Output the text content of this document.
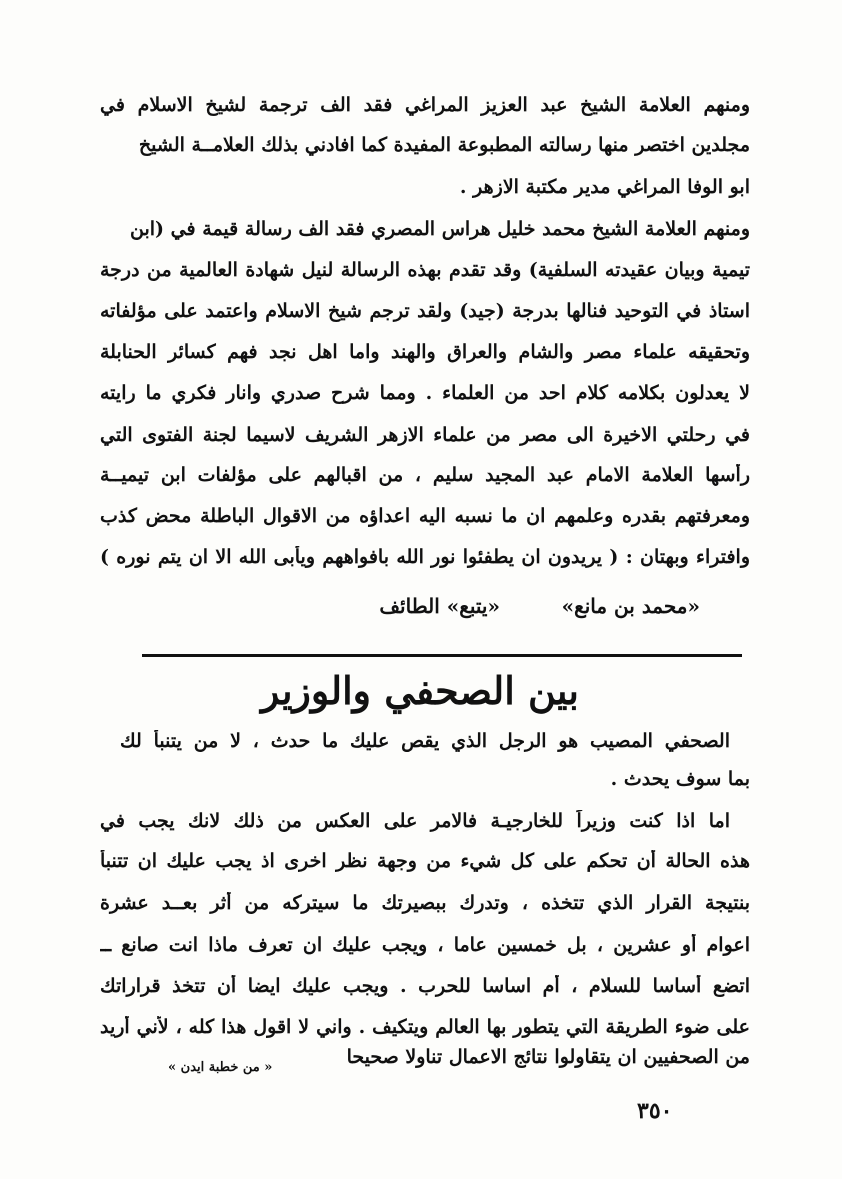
ومنهم العلامة الشيخ عبد العزيز المراغي فقد الف ترجمة لشيخ الاسلام في
مجلدين اختصر منها رسالته المطبوعة المفيدة كما افادني بذلك العلامــة الشيخ
ابو الوفا المراغي مدير مكتبة الازهر .
ومنهم العلامة الشيخ محمد خليل هراس المصري فقد الف رسالة قيمة في (ابن
تيمية وبيان عقيدته السلفية) وقد تقدم بهذه الرسالة لنيل شهادة العالمية من درجة
استاذ في التوحيد فنالها بدرجة (جيد) ولقد ترجم شيخ الاسلام واعتمد على مؤلفاته
وتحقيقه علماء مصر والشام والعراق والهند واما اهل نجد فهم كسائر الحنابلة
لا يعدلون بكلامه كلام احد من العلماء . ومما شرح صدري وانار فكري ما رايته
في رحلتي الاخيرة الى مصر من علماء الازهر الشريف لاسيما لجنة الفتوى التي
رأسها العلامة الامام عبد المجيد سليم ، من اقبالهم على مؤلفات ابن تيميــة
ومعرفتهم بقدره وعلمهم ان ما نسبه اليه اعداؤه من الاقوال الباطلة محض كذب
وافتراء وبهتان : ( يريدون ان يطفئوا نور الله بافواههم ويأبى الله الا ان يتم نوره )
«محمد بن مانع»
«يتبع» الطائف
بين الصحفي والوزير
الصحفي المصيب هو الرجل الذي يقص عليك ما حدث ، لا من يتنبأ لك
بما سوف يحدث .
اما اذا كنت وزيراً للخارجيـة فالامر على العكس من ذلك لانك يجب في
هذه الحالة أن تحكم على كل شيء من وجهة نظر اخرى اذ يجب عليك ان تتنبأ
بنتيجة القرار الذي تتخذه ، وتدرك ببصيرتك ما سيتركه من أثر بعــد عشرة
اعوام أو عشرين ، بل خمسين عاما ، ويجب عليك ان تعرف ماذا انت صانع ــ
اتضع أساسا للسلام ، أم اساسا للحرب . ويجب عليك ايضا أن تتخذ قراراتك
على ضوء الطريقة التي يتطور بها العالم ويتكيف . واني لا اقول هذا كله ، لأني أريد
من الصحفيين ان يتقاولوا نتائج الاعمال تناولا صحيحا
« من خطبة ايدن »
٣٥٠
